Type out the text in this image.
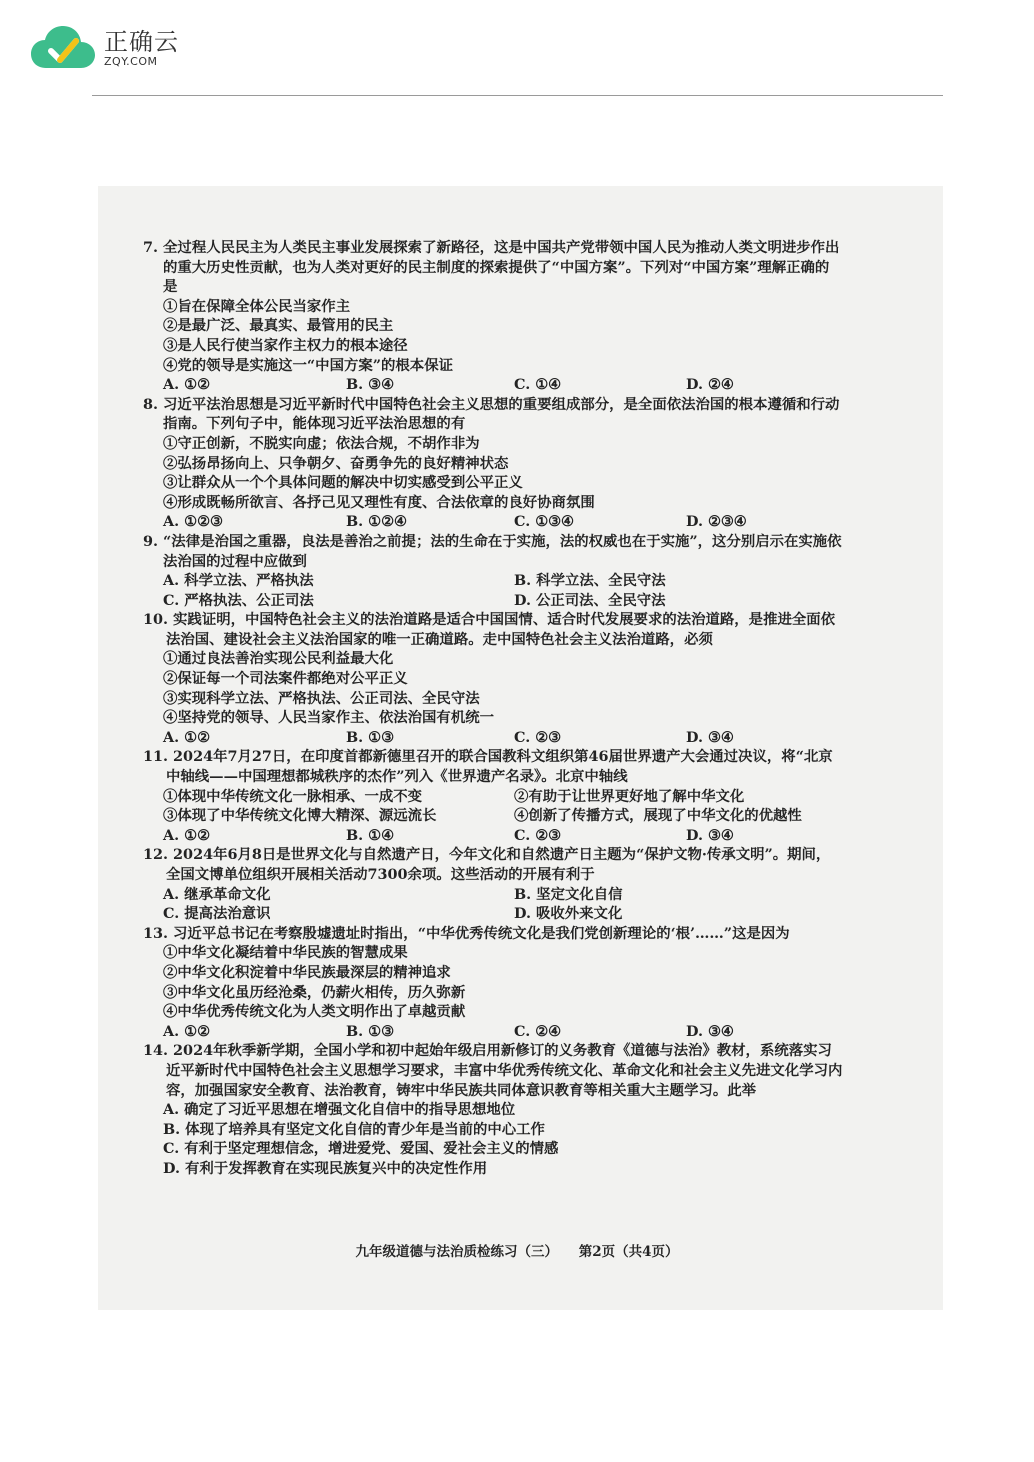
正确云
ZQY.COM

7. 全过程人民民主为人类民主事业发展探索了新路径，这是中国共产党带领中国人民为推动人类文明进步作出的重大历史性贡献，也为人类对更好的民主制度的探索提供了“中国方案”。下列对“中国方案”理解正确的是

①旨在保障全体公民当家作主

②是最广泛、最真实、最管用的民主

③是人民行使当家作主权力的根本途径

④党的领导是实施这一“中国方案”的根本保证

A. ①②	B. ③④	C. ①④	D. ②④

8. 习近平法治思想是习近平新时代中国特色社会主义思想的重要组成部分，是全面依法治国的根本遵循和行动指南。下列句子中，能体现习近平法治思想的有

①守正创新，不脱实向虚；依法合规，不胡作非为

②弘扬昂扬向上、只争朝夕、奋勇争先的良好精神状态

③让群众从一个个具体问题的解决中切实感受到公平正义

④形成既畅所欲言、各抒己见又理性有度、合法依章的良好协商氛围

A. ①②③	B. ①②④	C. ①③④	D. ②③④

9. “法律是治国之重器，良法是善治之前提；法的生命在于实施，法的权威也在于实施”，这分别启示在实施依法治国的过程中应做到

A. 科学立法、严格执法	B. 科学立法、全民守法
C. 严格执法、公正司法	D. 公正司法、全民守法

10. 实践证明，中国特色社会主义的法治道路是适合中国国情、适合时代发展要求的法治道路，是推进全面依法治国、建设社会主义法治国家的唯一正确道路。走中国特色社会主义法治道路，必须

①通过良法善治实现公民利益最大化

②保证每一个司法案件都绝对公平正义

③实现科学立法、严格执法、公正司法、全民守法

④坚持党的领导、人民当家作主、依法治国有机统一

A. ①②	B. ①③	C. ②③	D. ③④

11. 2024年7月27日，在印度首都新德里召开的联合国教科文组织第46届世界遗产大会通过决议，将“北京中轴线——中国理想都城秩序的杰作”列入《世界遗产名录》。北京中轴线

①体现中华传统文化一脉相承、一成不变	②有助于让世界更好地了解中华文化
③体现了中华传统文化博大精深、源远流长	④创新了传播方式，展现了中华文化的优越性
A. ①②	B. ①④	C. ②③	D. ③④

12. 2024年6月8日是世界文化与自然遗产日，今年文化和自然遗产日主题为“保护文物·传承文明”。期间，全国文博单位组织开展相关活动7300余项。这些活动的开展有利于

A. 继承革命文化	B. 坚定文化自信
C. 提高法治意识	D. 吸收外来文化

13. 习近平总书记在考察殷墟遗址时指出，“中华优秀传统文化是我们党创新理论的‘根’……”这是因为

①中华文化凝结着中华民族的智慧成果

②中华文化积淀着中华民族最深层的精神追求

③中华文化虽历经沧桑，仍薪火相传，历久弥新

④中华优秀传统文化为人类文明作出了卓越贡献

A. ①②	B. ①③	C. ②④	D. ③④

14. 2024年秋季新学期，全国小学和初中起始年级启用新修订的义务教育《道德与法治》教材，系统落实习近平新时代中国特色社会主义思想学习要求，丰富中华优秀传统文化、革命文化和社会主义先进文化学习内容，加强国家安全教育、法治教育，铸牢中华民族共同体意识教育等相关重大主题学习。此举

A. 确定了习近平思想在增强文化自信中的指导思想地位

B. 体现了培养具有坚定文化自信的青少年是当前的中心工作

C. 有利于坚定理想信念，增进爱党、爱国、爱社会主义的情感

D. 有利于发挥教育在实现民族复兴中的决定性作用

九年级道德与法治质检练习（三） 第2页（共4页）
